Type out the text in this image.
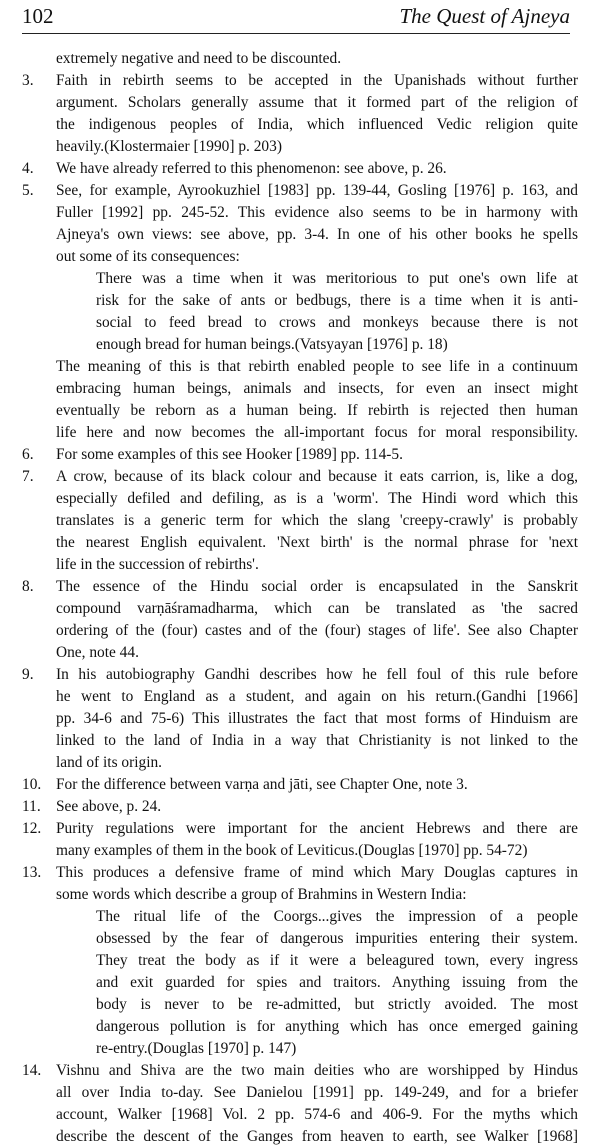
102	The Quest of Ajneya
extremely negative and need to be discounted.
3. Faith in rebirth seems to be accepted in the Upanishads without further
argument. Scholars generally assume that it formed part of the religion of
the indigenous peoples of India, which influenced Vedic religion quite
heavily.(Klostermaier [1990] p. 203)
4. We have already referred to this phenomenon: see above, p. 26.
5. See, for example, Ayrookuzhiel [1983] pp. 139-44, Gosling [1976] p. 163, and
Fuller [1992] pp. 245-52. This evidence also seems to be in harmony with
Ajneya's own views: see above, pp. 3-4. In one of his other books he spells
out some of its consequences:
There was a time when it was meritorious to put one's own life at
risk for the sake of ants or bedbugs, there is a time when it is anti-
social to feed bread to crows and monkeys because there is not
enough bread for human beings.(Vatsyayan [1976] p. 18)
The meaning of this is that rebirth enabled people to see life in a continuum
embracing human beings, animals and insects, for even an insect might
eventually be reborn as a human being. If rebirth is rejected then human
life here and now becomes the all-important focus for moral responsibility.
6. For some examples of this see Hooker [1989] pp. 114-5.
7. A crow, because of its black colour and because it eats carrion, is, like a dog,
especially defiled and defiling, as is a 'worm'. The Hindi word which this
translates is a generic term for which the slang 'creepy-crawly' is probably
the nearest English equivalent. 'Next birth' is the normal phrase for 'next
life in the succession of rebirths'.
8. The essence of the Hindu social order is encapsulated in the Sanskrit
compound varṇāśramadharma, which can be translated as 'the sacred
ordering of the (four) castes and of the (four) stages of life'. See also Chapter
One, note 44.
9. In his autobiography Gandhi describes how he fell foul of this rule before
he went to England as a student, and again on his return.(Gandhi [1966]
pp. 34-6 and 75-6) This illustrates the fact that most forms of Hinduism are
linked to the land of India in a way that Christianity is not linked to the
land of its origin.
10. For the difference between varṇa and jāti, see Chapter One, note 3.
11. See above, p. 24.
12. Purity regulations were important for the ancient Hebrews and there are
many examples of them in the book of Leviticus.(Douglas [1970] pp. 54-72)
13. This produces a defensive frame of mind which Mary Douglas captures in
some words which describe a group of Brahmins in Western India:
The ritual life of the Coorgs...gives the impression of a people
obsessed by the fear of dangerous impurities entering their system.
They treat the body as if it were a beleagured town, every ingress
and exit guarded for spies and traitors. Anything issuing from the
body is never to be re-admitted, but strictly avoided. The most
dangerous pollution is for anything which has once emerged gaining
re-entry.(Douglas [1970] p. 147)
14. Vishnu and Shiva are the two main deities who are worshipped by Hindus
all over India to-day. See Danielou [1991] pp. 149-249, and for a briefer
account, Walker [1968] Vol. 2 pp. 574-6 and 406-9. For the myths which
describe the descent of the Ganges from heaven to earth, see Walker [1968]
